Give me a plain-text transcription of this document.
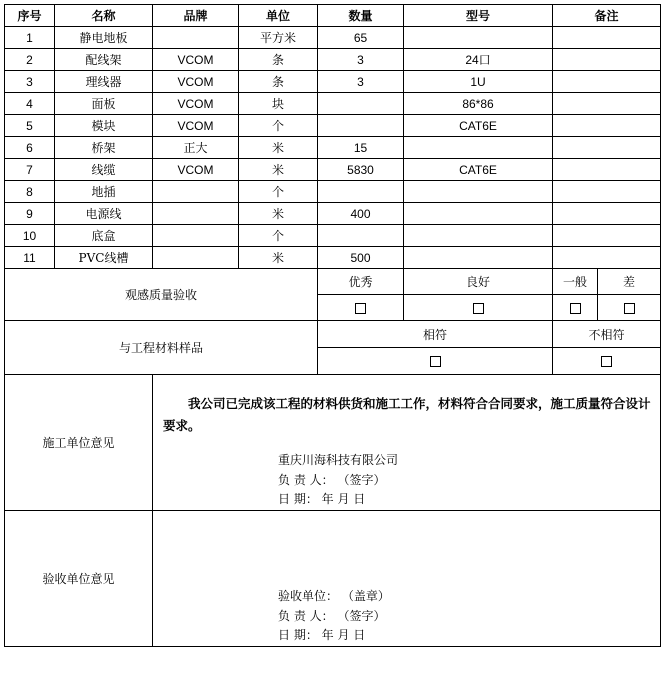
序号	名称	品牌	单位	数量	型号	备注	
1	静电地板		平方米	65			
2	配线架	VCOM	条	3	24口		
3	理线器	VCOM	条	3	1U		
4	面板	VCOM	块		86*86		
5	模块	VCOM	个		CAT6E		
6	桥架	正大	米	15			
7	线缆	VCOM	米	5830	CAT6E		
8	地插		个				
9	电源线		米	400			
10	底盒		个				
11	PVC线槽		米	500			
观感质量验收				优秀	良好	一般	差

与工程材料样品				相符		不相符	

施工单位意见		我公司已完成该工程的材料供货和施工工作，材料符合合同要求，施工质量符合设计要求。
重庆川海科技有限公司
负 责 人： （签字）
日 期： 年 月 日					

验收单位意见		验收单位： （盖章）
负 责 人： （签字）
日 期： 年 月 日					
